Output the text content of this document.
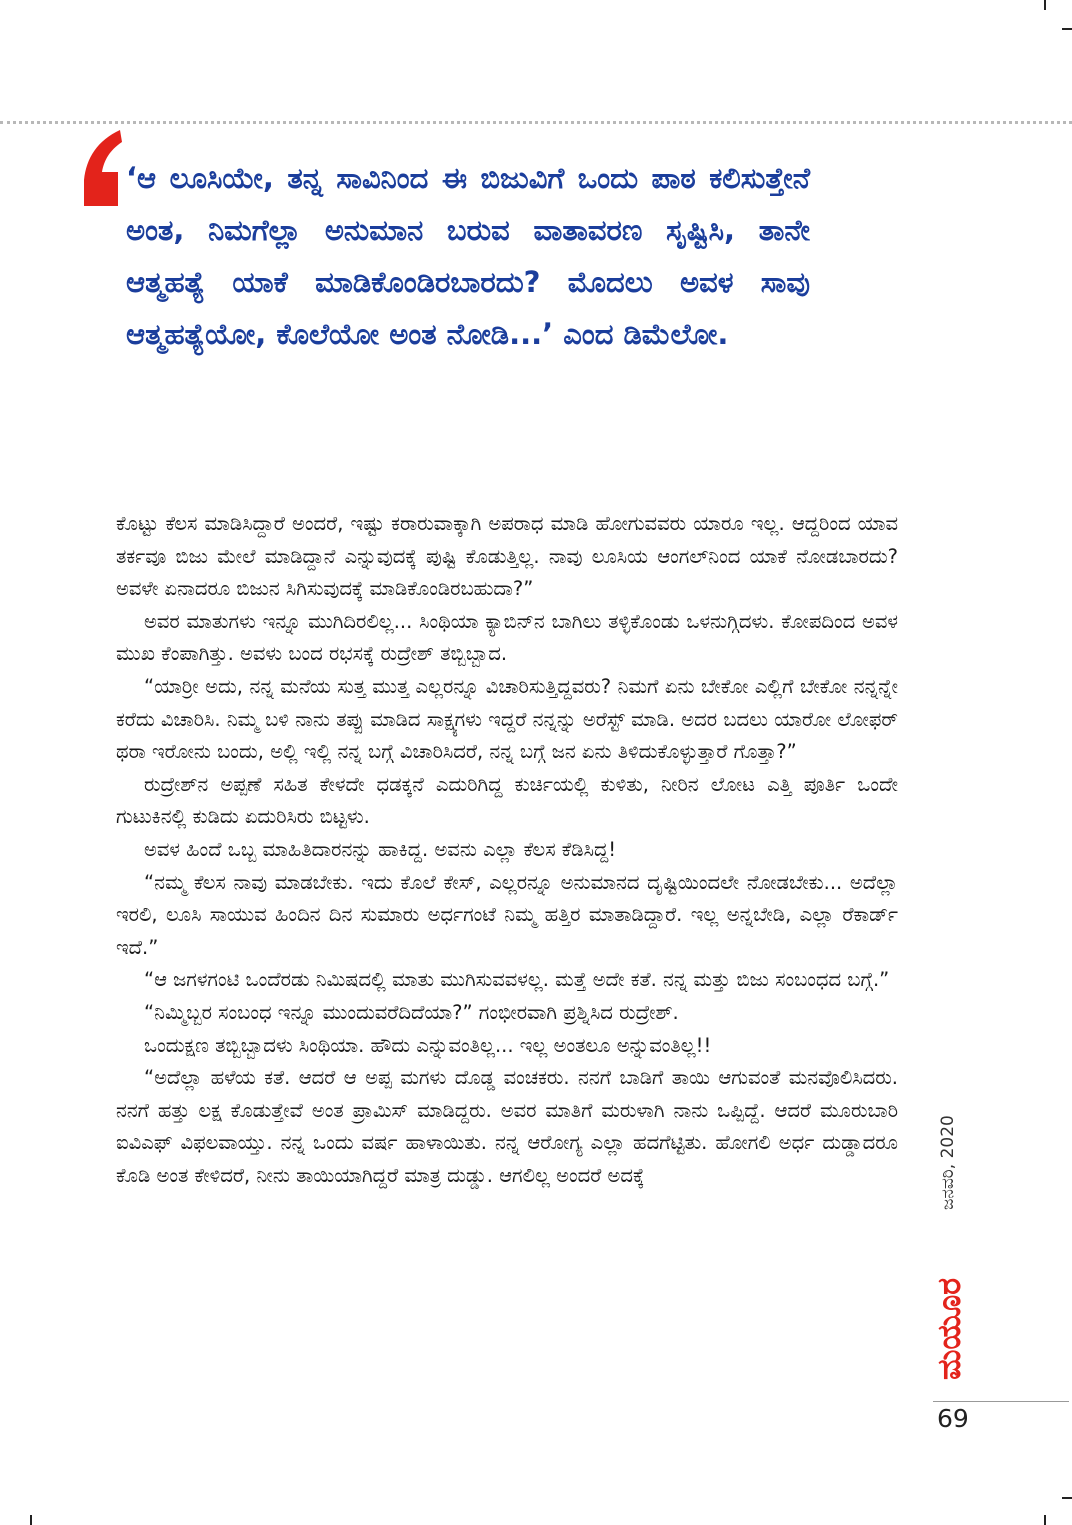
‘ಆ ಲೂಸಿಯೇ, ತನ್ನ ಸಾವಿನಿಂದ ಈ ಬಿಜುವಿಗೆ ಒಂದು ಪಾಠ ಕಲಿಸುತ್ತೇನೆ ಅಂತ, ನಿಮಗೆಲ್ಲಾ ಅನುಮಾನ ಬರುವ ವಾತಾವರಣ ಸೃಷ್ಟಿಸಿ, ತಾನೇ ಆತ್ಮಹತ್ಯೆ ಯಾಕೆ ಮಾಡಿಕೊಂಡಿರಬಾರದು? ಮೊದಲು ಅವಳ ಸಾವು ಆತ್ಮಹತ್ಯೆಯೋ, ಕೊಲೆಯೋ ಅಂತ ನೋಡಿ...’ ಎಂದ ಡಿಮೆಲೋ.

ಕೊಟ್ಟು ಕೆಲಸ ಮಾಡಿಸಿದ್ದಾರೆ ಅಂದರೆ, ಇಷ್ಟು ಕರಾರುವಾಕ್ಕಾಗಿ ಅಪರಾಧ ಮಾಡಿ ಹೋಗುವವರು ಯಾರೂ ಇಲ್ಲ. ಆದ್ದರಿಂದ ಯಾವ ತರ್ಕವೂ ಬಿಜು ಮೇಲೆ ಮಾಡಿದ್ದಾನೆ ಎನ್ನುವುದಕ್ಕೆ ಪುಷ್ಟಿ ಕೊಡುತ್ತಿಲ್ಲ. ನಾವು ಲೂಸಿಯ ಆಂಗಲ್‌ನಿಂದ ಯಾಕೆ ನೋಡಬಾರದು? ಅವಳೇ ಏನಾದರೂ ಬಿಜುನ ಸಿಗಿಸುವುದಕ್ಕೆ ಮಾಡಿಕೊಂಡಿರಬಹುದಾ?”

ಅವರ ಮಾತುಗಳು ಇನ್ನೂ ಮುಗಿದಿರಲಿಲ್ಲ... ಸಿಂಥಿಯಾ ಕ್ಯಾಬಿನ್‌ನ ಬಾಗಿಲು ತಳ್ಳಿಕೊಂಡು ಒಳನುಗ್ಗಿದಳು. ಕೋಪದಿಂದ ಅವಳ ಮುಖ ಕೆಂಪಾಗಿತ್ತು. ಅವಳು ಬಂದ ರಭಸಕ್ಕೆ ರುದ್ರೇಶ್ ತಬ್ಬಿಬ್ಬಾದ.

“ಯಾರ್‍ರೀ ಅದು, ನನ್ನ ಮನೆಯ ಸುತ್ತ ಮುತ್ತ ಎಲ್ಲರನ್ನೂ ವಿಚಾರಿಸುತ್ತಿದ್ದವರು? ನಿಮಗೆ ಏನು ಬೇಕೋ ಎಲ್ಲಿಗೆ ಬೇಕೋ ನನ್ನನ್ನೇ ಕರೆದು ವಿಚಾರಿಸಿ. ನಿಮ್ಮ ಬಳಿ ನಾನು ತಪ್ಪು ಮಾಡಿದ ಸಾಕ್ಷ್ಯಗಳು ಇದ್ದರೆ ನನ್ನನ್ನು ಅರೆಸ್ಟ್ ಮಾಡಿ. ಅದರ ಬದಲು ಯಾರೋ ಲೋಫರ್ ಥರಾ ಇರೋನು ಬಂದು, ಅಲ್ಲಿ ಇಲ್ಲಿ ನನ್ನ ಬಗ್ಗೆ ವಿಚಾರಿಸಿದರೆ, ನನ್ನ ಬಗ್ಗೆ ಜನ ಏನು ತಿಳಿದುಕೊಳ್ಳುತ್ತಾರೆ ಗೊತ್ತಾ?”

ರುದ್ರೇಶ್‌ನ ಅಪ್ಪಣೆ ಸಹಿತ ಕೇಳದೇ ಧಡಕ್ಕನೆ ಎದುರಿಗಿದ್ದ ಕುರ್ಚಿಯಲ್ಲಿ ಕುಳಿತು, ನೀರಿನ ಲೋಟ ಎತ್ತಿ ಪೂರ್ತಿ ಒಂದೇ ಗುಟುಕಿನಲ್ಲಿ ಕುಡಿದು ಏದುರಿಸಿರು ಬಿಟ್ಟಳು.

ಅವಳ ಹಿಂದೆ ಒಬ್ಬ ಮಾಹಿತಿದಾರನನ್ನು ಹಾಕಿದ್ದ. ಅವನು ಎಲ್ಲಾ ಕೆಲಸ ಕೆಡಿಸಿದ್ದ!

“ನಮ್ಮ ಕೆಲಸ ನಾವು ಮಾಡಬೇಕು. ಇದು ಕೊಲೆ ಕೇಸ್, ಎಲ್ಲರನ್ನೂ ಅನುಮಾನದ ದೃಷ್ಟಿಯಿಂದಲೇ ನೋಡಬೇಕು... ಅದೆಲ್ಲಾ ಇರಲಿ, ಲೂಸಿ ಸಾಯುವ ಹಿಂದಿನ ದಿನ ಸುಮಾರು ಅರ್ಧಗಂಟೆ ನಿಮ್ಮ ಹತ್ತಿರ ಮಾತಾಡಿದ್ದಾರೆ. ಇಲ್ಲ ಅನ್ನಬೇಡಿ, ಎಲ್ಲಾ ರೆಕಾರ್ಡ್ ಇದೆ.”

“ಆ ಜಗಳಗಂಟಿ ಒಂದೆರಡು ನಿಮಿಷದಲ್ಲಿ ಮಾತು ಮುಗಿಸುವವಳಲ್ಲ. ಮತ್ತೆ ಅದೇ ಕತೆ. ನನ್ನ ಮತ್ತು ಬಿಜು ಸಂಬಂಧದ ಬಗ್ಗೆ.”

“ನಿಮ್ಮಿಬ್ಬರ ಸಂಬಂಧ ಇನ್ನೂ ಮುಂದುವರೆದಿದೆಯಾ?” ಗಂಭೀರವಾಗಿ ಪ್ರಶ್ನಿಸಿದ ರುದ್ರೇಶ್.

ಒಂದುಕ್ಷಣ ತಬ್ಬಿಬ್ಬಾದಳು ಸಿಂಥಿಯಾ. ಹೌದು ಎನ್ನುವಂತಿಲ್ಲ... ಇಲ್ಲ ಅಂತಲೂ ಅನ್ನುವಂತಿಲ್ಲ!!

“ಅದೆಲ್ಲಾ ಹಳೆಯ ಕತೆ. ಆದರೆ ಆ ಅಪ್ಪ ಮಗಳು ದೊಡ್ಡ ವಂಚಕರು. ನನಗೆ ಬಾಡಿಗೆ ತಾಯಿ ಆಗುವಂತೆ ಮನವೊಲಿಸಿದರು. ನನಗೆ ಹತ್ತು ಲಕ್ಷ ಕೊಡುತ್ತೇವೆ ಅಂತ ಪ್ರಾಮಿಸ್ ಮಾಡಿದ್ದರು. ಅವರ ಮಾತಿಗೆ ಮರುಳಾಗಿ ನಾನು ಒಪ್ಪಿದ್ದೆ. ಆದರೆ ಮೂರುಬಾರಿ ಐವಿಎಫ್ ವಿಫಲವಾಯ್ತು. ನನ್ನ ಒಂದು ವರ್ಷ ಹಾಳಾಯಿತು. ನನ್ನ ಆರೋಗ್ಯ ಎಲ್ಲಾ ಹದಗೆಟ್ಟಿತು. ಹೋಗಲಿ ಅರ್ಧ ದುಡ್ಡಾದರೂ ಕೊಡಿ ಅಂತ ಕೇಳಿದರೆ, ನೀನು ತಾಯಿಯಾಗಿದ್ದರೆ ಮಾತ್ರ ದುಡ್ಡು. ಆಗಲಿಲ್ಲ ಅಂದರೆ ಅದಕ್ಕೆ	ಜನವರಿ, 2020
ಮಯೂರ
69
